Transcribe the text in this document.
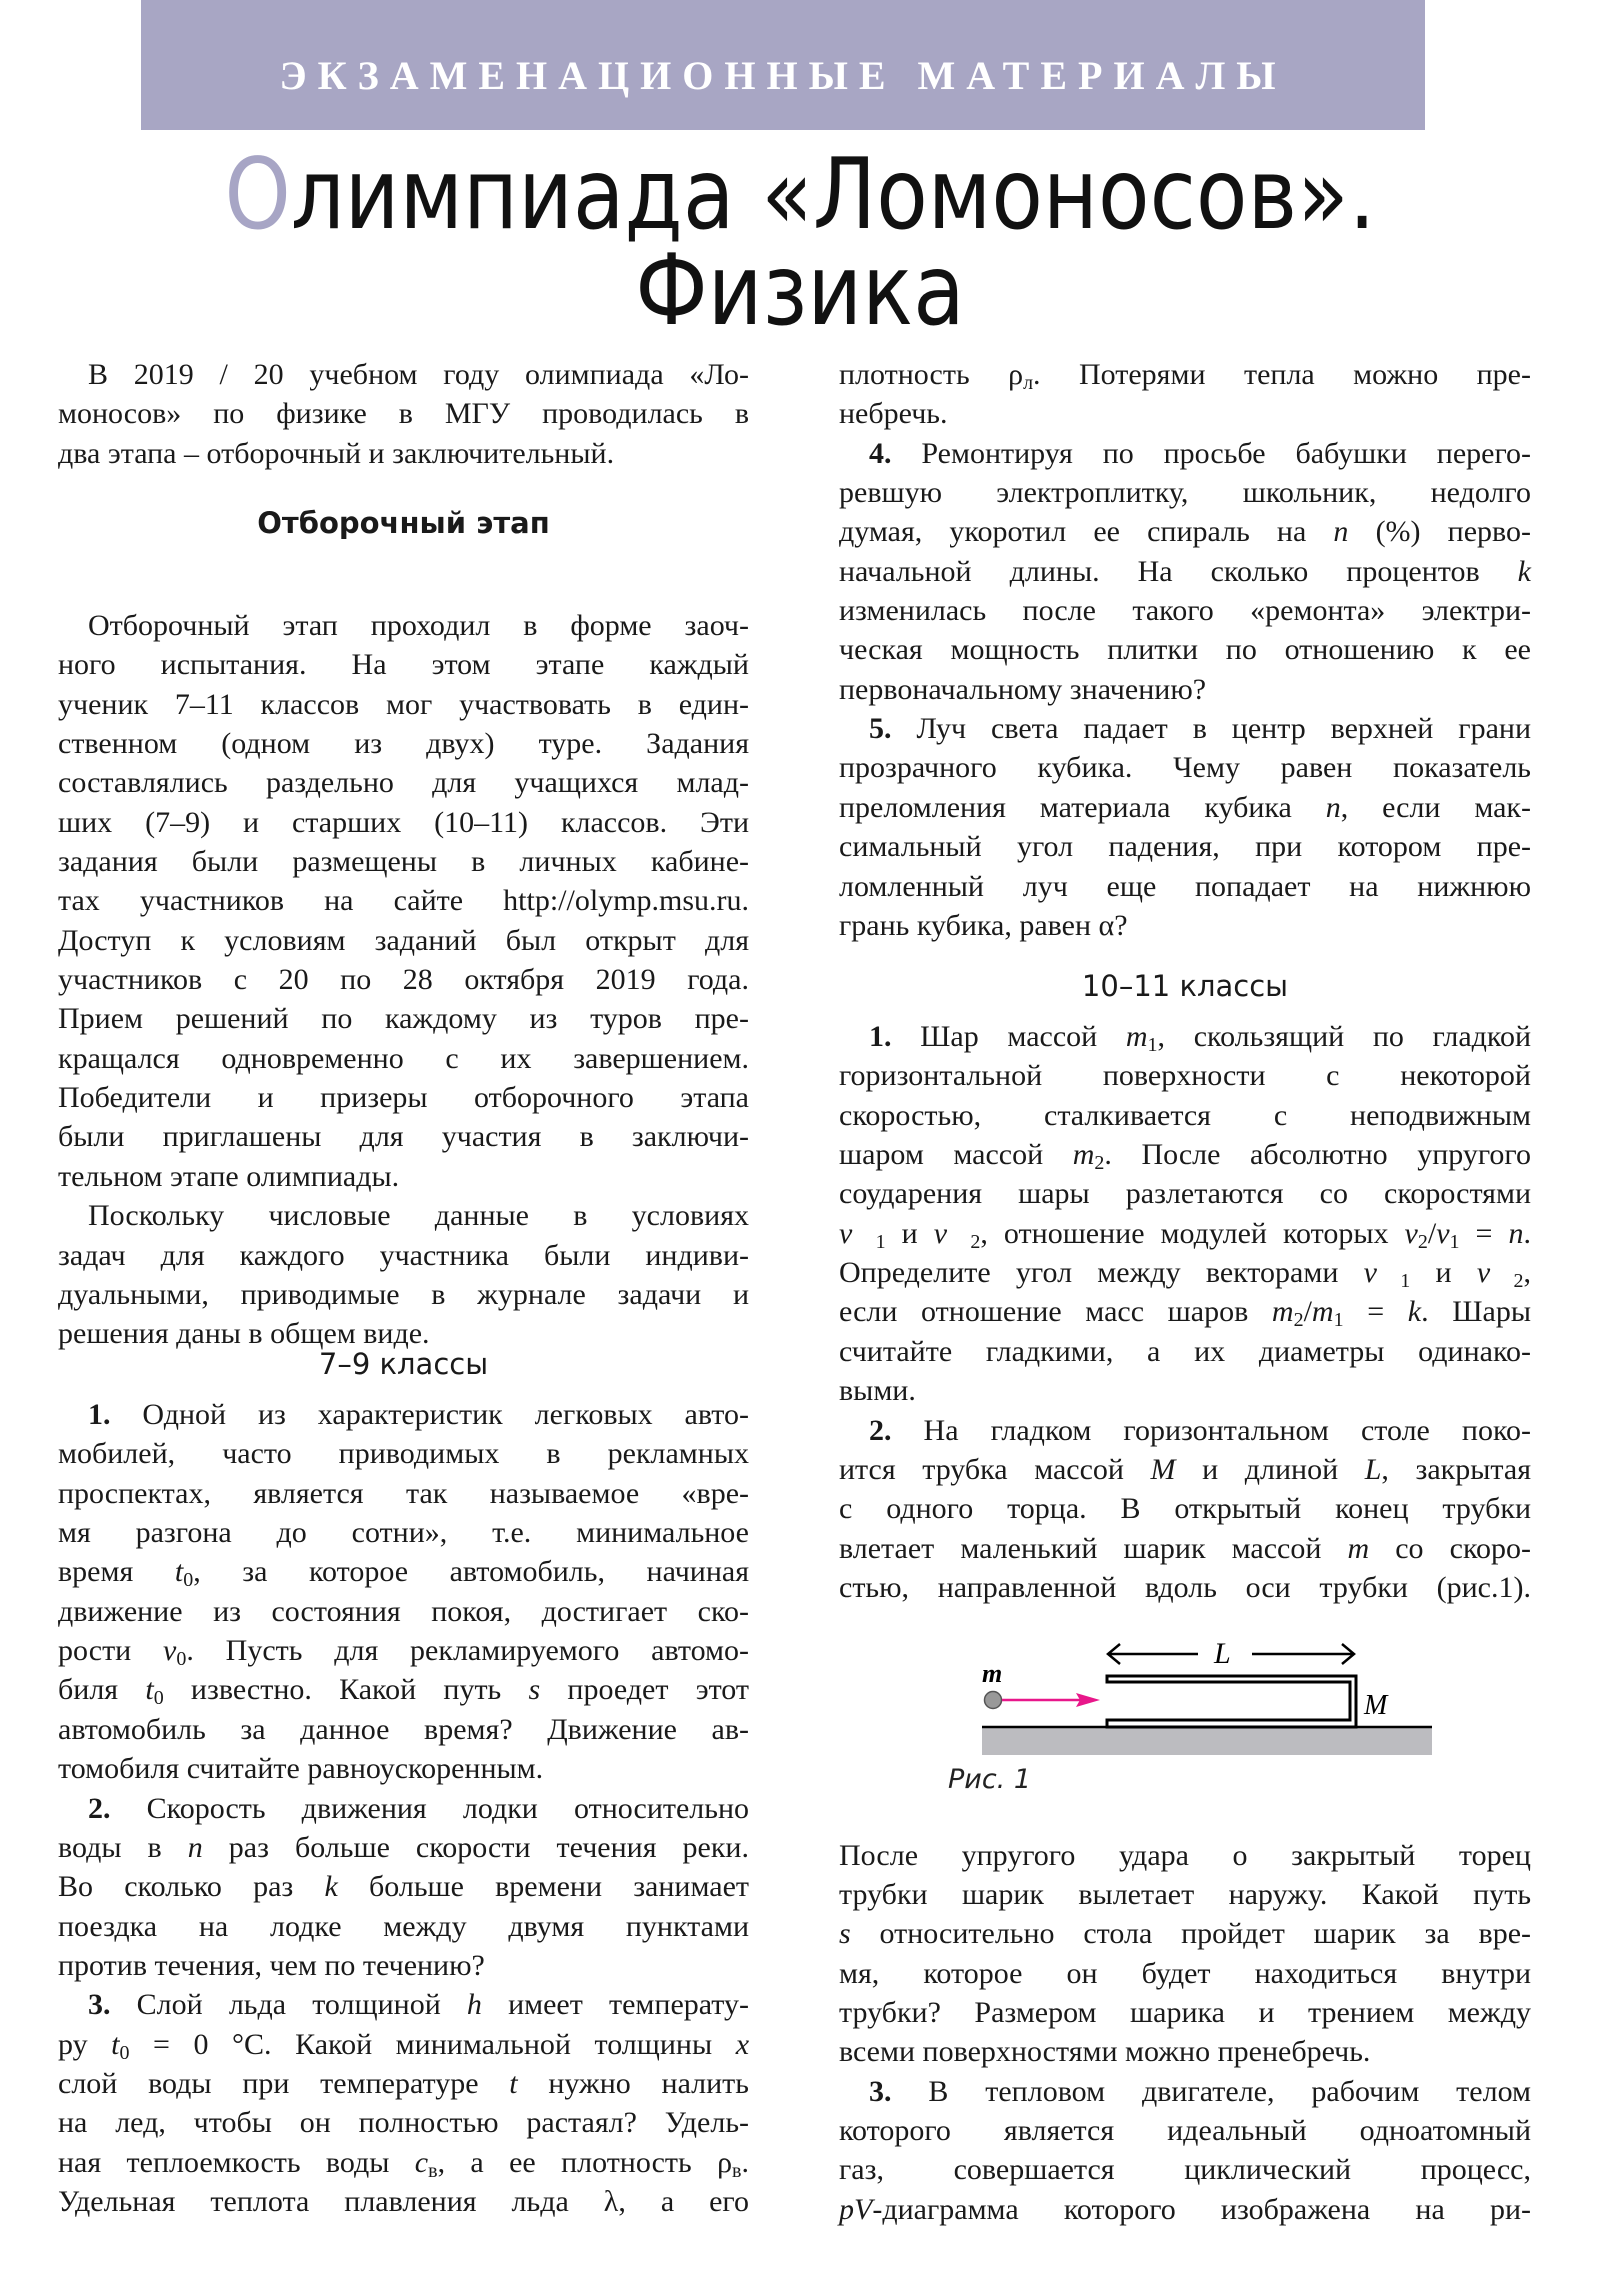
ЭКЗАМЕНАЦИОННЫЕ МАТЕРИАЛЫ
Олимпиада «Ломоносов».
Физика
В 2019 / 20 учебном году олимпиада «Ло-
моносов» по физике в МГУ проводилась в
два этапа – отборочный и заключительный.
Отборочный этап
Отборочный этап проходил в форме заоч-
ного испытания. На этом этапе каждый
ученик 7–11 классов мог участвовать в един-
ственном (одном из двух) туре. Задания
составлялись раздельно для учащихся млад-
ших (7–9) и старших (10–11) классов. Эти
задания были размещены в личных кабине-
тах участников на сайте http://olymp.msu.ru.
Доступ к условиям заданий был открыт для
участников с 20 по 28 октября 2019 года.
Прием решений по каждому из туров пре-
кращался одновременно с их завершением.
Победители и призеры отборочного этапа
были приглашены для участия в заключи-
тельном этапе олимпиады.
Поскольку числовые данные в условиях
задач для каждого участника были индиви-
дуальными, приводимые в журнале задачи и
решения даны в общем виде.
7–9 классы
1. Одной из характеристик легковых авто-
мобилей, часто приводимых в рекламных
проспектах, является так называемое «вре-
мя разгона до сотни», т.е. минимальное
время $t_0$, за которое автомобиль, начиная
движение из состояния покоя, достигает ско-
рости $v_0$. Пусть для рекламируемого автомо-
биля $t_0$ известно. Какой путь s проедет этот
автомобиль за данное время? Движение ав-
томобиля считайте равноускоренным.
2. Скорость движения лодки относительно
воды в n раз больше скорости течения реки.
Во сколько раз k больше времени занимает
поездка на лодке между двумя пунктами
против течения, чем по течению?
3. Слой льда толщиной h имеет температу-
ру $t_0 = 0$ °C. Какой минимальной толщины x
слой воды при температуре t нужно налить
на лед, чтобы он полностью растаял? Удель-
ная теплоемкость воды $c_в$, а ее плотность $\rho_в$.
Удельная теплота плавления льда λ, а его
плотность $\rho_л$. Потерями тепла можно пре-
небречь.
4. Ремонтируя по просьбе бабушки перего-
ревшую электроплитку, школьник, недолго
думая, укоротил ее спираль на n (%) перво-
начальной длины. На сколько процентов k
изменилась после такого «ремонта» электри-
ческая мощность плитки по отношению к ее
первоначальному значению?
5. Луч света падает в центр верхней грани
прозрачного кубика. Чему равен показатель
преломления материала кубика n, если мак-
симальный угол падения, при котором пре-
ломленный луч еще попадает на нижнюю
грань кубика, равен α?
10–11 классы
1. Шар массой $m_1$, скользящий по гладкой
горизонтальной поверхности с некоторой
скоростью, сталкивается с неподвижным
шаром массой $m_2$. После абсолютно упругого
соударения шары разлетаются со скоростями
$v⃗_1$ и $v⃗_2$, отношение модулей которых $v_2/v_1 = n$.
Определите угол между векторами $v⃗_1$ и $v⃗_2$,
если отношение масс шаров $m_2/m_1 = k$. Шары
считайте гладкими, а их диаметры одинако-
выми.
2. На гладком горизонтальном столе поко-
ится трубка массой M и длиной L, закрытая
с одного торца. В открытый конец трубки
влетает маленький шарик массой m со скоро-
стью, направленной вдоль оси трубки (рис.1).
После упругого удара о закрытый торец
трубки шарик вылетает наружу. Какой путь
s относительно стола пройдет шарик за вре-
мя, которое он будет находиться внутри
трубки? Размером шарика и трением между
всеми поверхностями можно пренебречь.
3. В тепловом двигателе, рабочим телом
которого является идеальный одноатомный
газ, совершается циклический процесс,
pV-диаграмма которого изображена на ри-
L
m
M
Рис. 1
